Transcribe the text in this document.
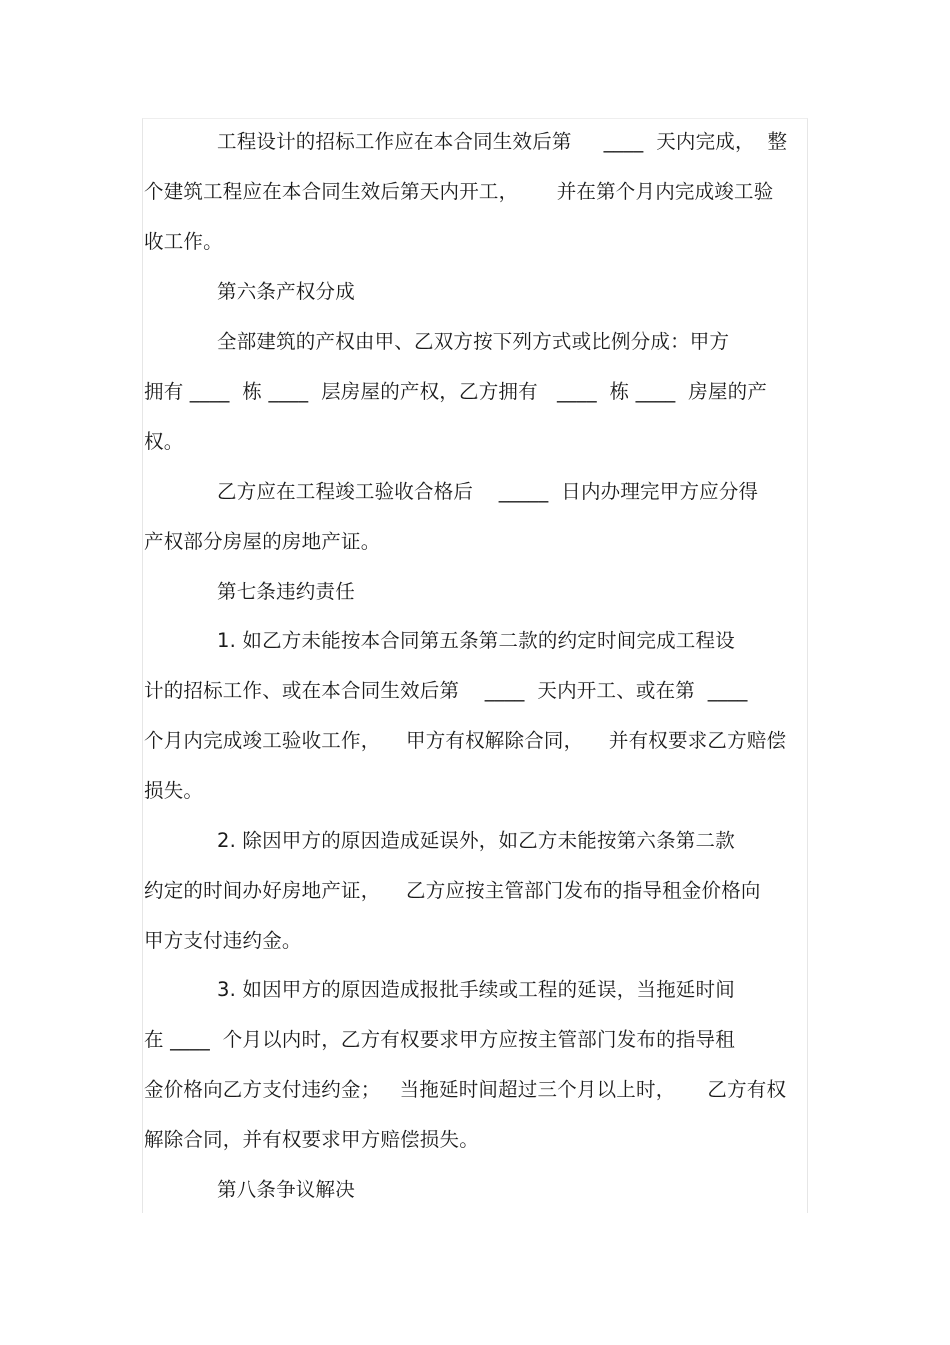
工程设计的招标工作应在本合同生效后第     ____  天内完成，  整
个建筑工程应在本合同生效后第天内开工，      并在第个月内完成竣工验
收工作。
第六条产权分成
全部建筑的产权由甲、乙双方按下列方式或比例分成：甲方
拥有 ____  栋 ____  层房屋的产权，乙方拥有   ____  栋 ____  房屋的产
权。
乙方应在工程竣工验收合格后    _____  日内办理完甲方应分得
产权部分房屋的房地产证。
第七条违约责任
1. 如乙方未能按本合同第五条第二款的约定时间完成工程设
计的招标工作、或在本合同生效后第    ____  天内开工、或在第  ____
个月内完成竣工验收工作，    甲方有权解除合同，    并有权要求乙方赔偿
损失。
2. 除因甲方的原因造成延误外，如乙方未能按第六条第二款
约定的时间办好房地产证，    乙方应按主管部门发布的指导租金价格向
甲方支付违约金。
3. 如因甲方的原因造成报批手续或工程的延误，当拖延时间
在 ____  个月以内时，乙方有权要求甲方应按主管部门发布的指导租
金价格向乙方支付违约金；   当拖延时间超过三个月以上时，     乙方有权
解除合同，并有权要求甲方赔偿损失。
第八条争议解决
